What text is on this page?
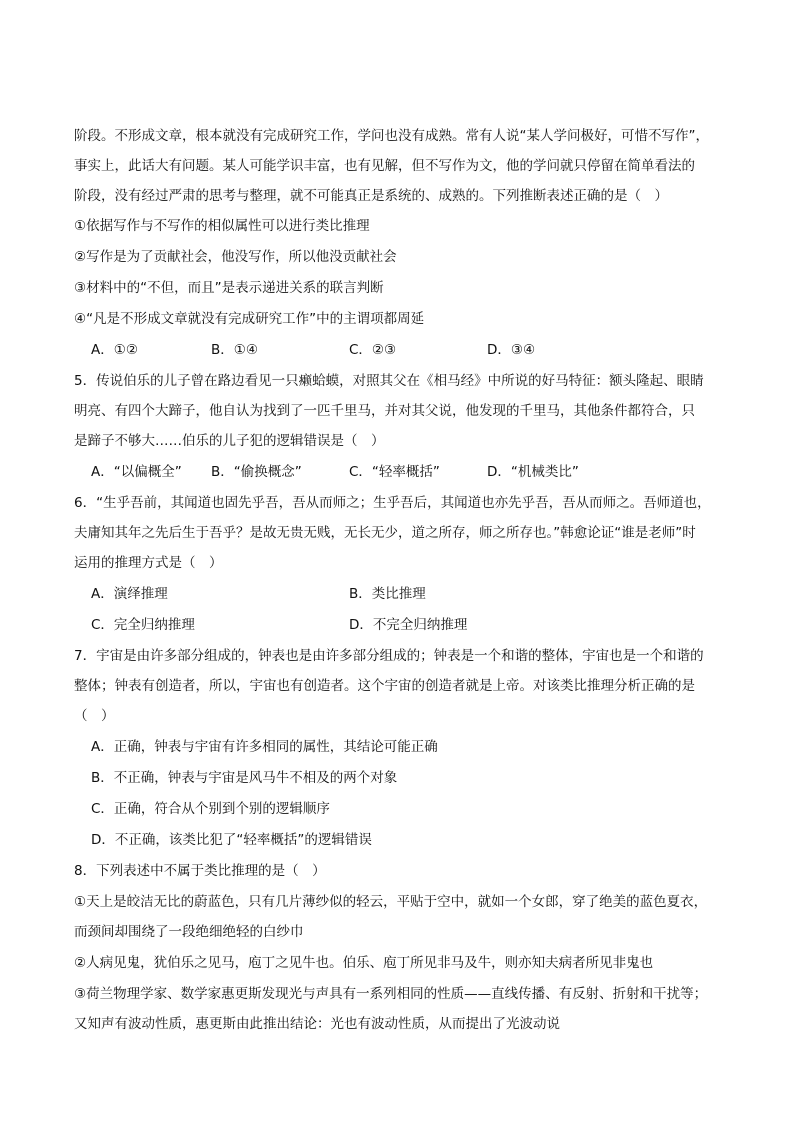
阶段。不形成文章，根本就没有完成研究工作，学问也没有成熟。常有人说“某人学问极好，可惜不写作”，
事实上，此话大有问题。某人可能学识丰富，也有见解，但不写作为文，他的学问就只停留在简单看法的
阶段，没有经过严肃的思考与整理，就不可能真正是系统的、成熟的。下列推断表述正确的是（　）
①依据写作与不写作的相似属性可以进行类比推理
②写作是为了贡献社会，他没写作，所以他没贡献社会
③材料中的“不但，而且”是表示递进关系的联言判断
④“凡是不形成文章就没有完成研究工作”中的主谓项都周延
A．①②	B．①④	C．②③	D．③④
5．传说伯乐的儿子曾在路边看见一只癞蛤蟆，对照其父在《相马经》中所说的好马特征：额头隆起、眼睛
明亮、有四个大蹄子，他自认为找到了一匹千里马，并对其父说，他发现的千里马，其他条件都符合，只
是蹄子不够大……伯乐的儿子犯的逻辑错误是（　）
A．“以偏概全” B．“偷换概念”	C．“轻率概括”	D．“机械类比”
6．“生乎吾前，其闻道也固先乎吾，吾从而师之；生乎吾后，其闻道也亦先乎吾，吾从而师之。吾师道也，
夫庸知其年之先后生于吾乎？是故无贵无贱，无长无少，道之所存，师之所存也。”韩愈论证“谁是老师”时
运用的推理方式是（　）
A．演绎推理	B．类比推理
C．完全归纳推理	D．不完全归纳推理
7．宇宙是由许多部分组成的，钟表也是由许多部分组成的；钟表是一个和谐的整体，宇宙也是一个和谐的
整体；钟表有创造者，所以，宇宙也有创造者。这个宇宙的创造者就是上帝。对该类比推理分析正确的是
（　）
A．正确，钟表与宇宙有许多相同的属性，其结论可能正确
B．不正确，钟表与宇宙是风马牛不相及的两个对象
C．正确，符合从个别到个别的逻辑顺序
D．不正确，该类比犯了“轻率概括”的逻辑错误
8．下列表述中不属于类比推理的是（　）
①天上是皎洁无比的蔚蓝色，只有几片薄纱似的轻云，平贴于空中，就如一个女郎，穿了绝美的蓝色夏衣，
而颈间却围绕了一段绝细绝轻的白纱巾
②人病见鬼，犹伯乐之见马，庖丁之见牛也。伯乐、庖丁所见非马及牛，则亦知夫病者所见非鬼也
③荷兰物理学家、数学家惠更斯发现光与声具有一系列相同的性质——直线传播、有反射、折射和干扰等；
又知声有波动性质，惠更斯由此推出结论：光也有波动性质，从而提出了光波动说
